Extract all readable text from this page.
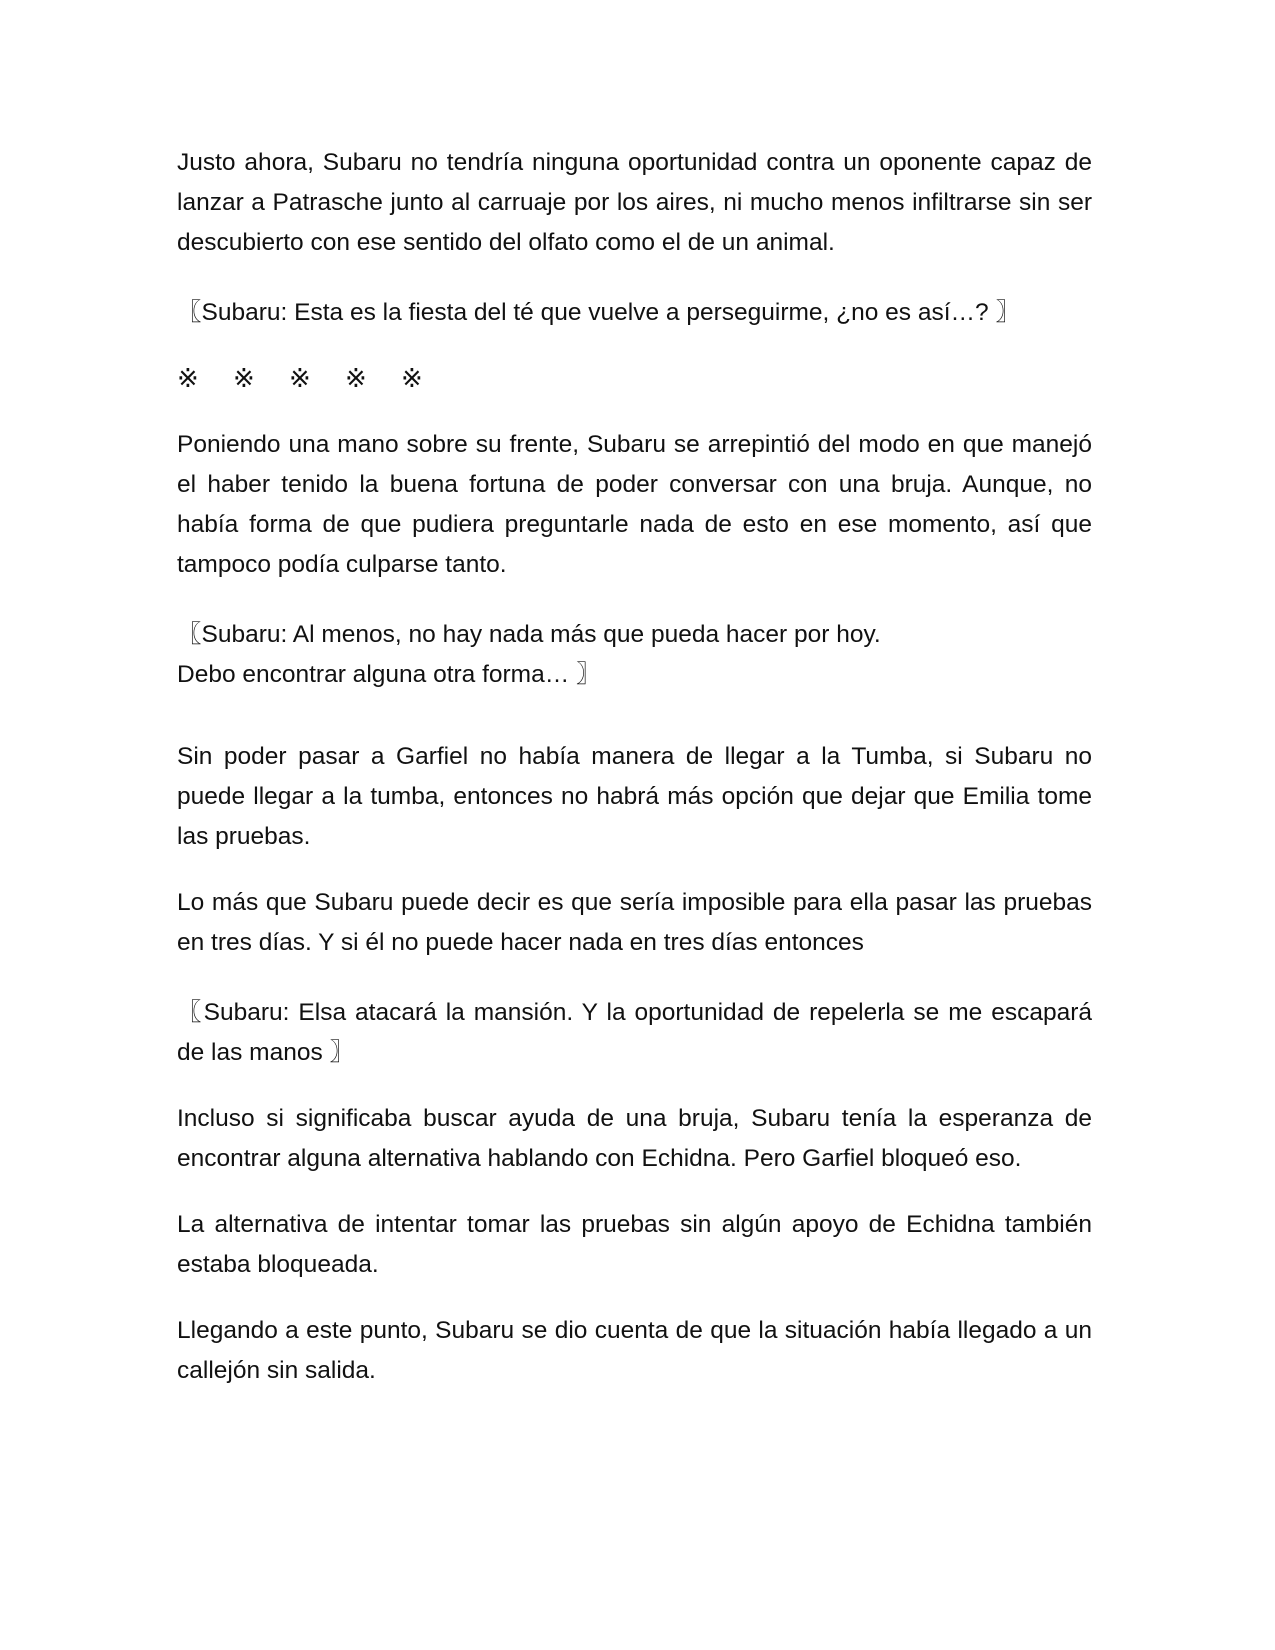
Justo ahora, Subaru no tendría ninguna oportunidad contra un oponente capaz de lanzar a Patrasche junto al carruaje por los aires, ni mucho menos infiltrarse sin ser descubierto con ese sentido del olfato como el de un animal.

〖Subaru: Esta es la fiesta del té que vuelve a perseguirme, ¿no es así…? 〗

※	※	※	※	※

Poniendo una mano sobre su frente, Subaru se arrepintió del modo en que manejó el haber tenido la buena fortuna de poder conversar con una bruja. Aunque, no había forma de que pudiera preguntarle nada de esto en ese momento, así que tampoco podía culparse tanto.

〖Subaru: Al menos, no hay nada más que pueda hacer por hoy.

Debo encontrar alguna otra forma… 〗

Sin poder pasar a Garfiel no había manera de llegar a la Tumba, si Subaru no puede llegar a la tumba, entonces no habrá más opción que dejar que Emilia tome las pruebas.

Lo más que Subaru puede decir es que sería imposible para ella pasar las pruebas en tres días. Y si él no puede hacer nada en tres días entonces

〖Subaru: Elsa atacará la mansión. Y la oportunidad de repelerla se me escapará de las manos 〗

Incluso si significaba buscar ayuda de una bruja, Subaru tenía la esperanza de encontrar alguna alternativa hablando con Echidna. Pero Garfiel bloqueó eso.

La alternativa de intentar tomar las pruebas sin algún apoyo de Echidna también estaba bloqueada.

Llegando a este punto, Subaru se dio cuenta de que la situación había llegado a un callejón sin salida.
